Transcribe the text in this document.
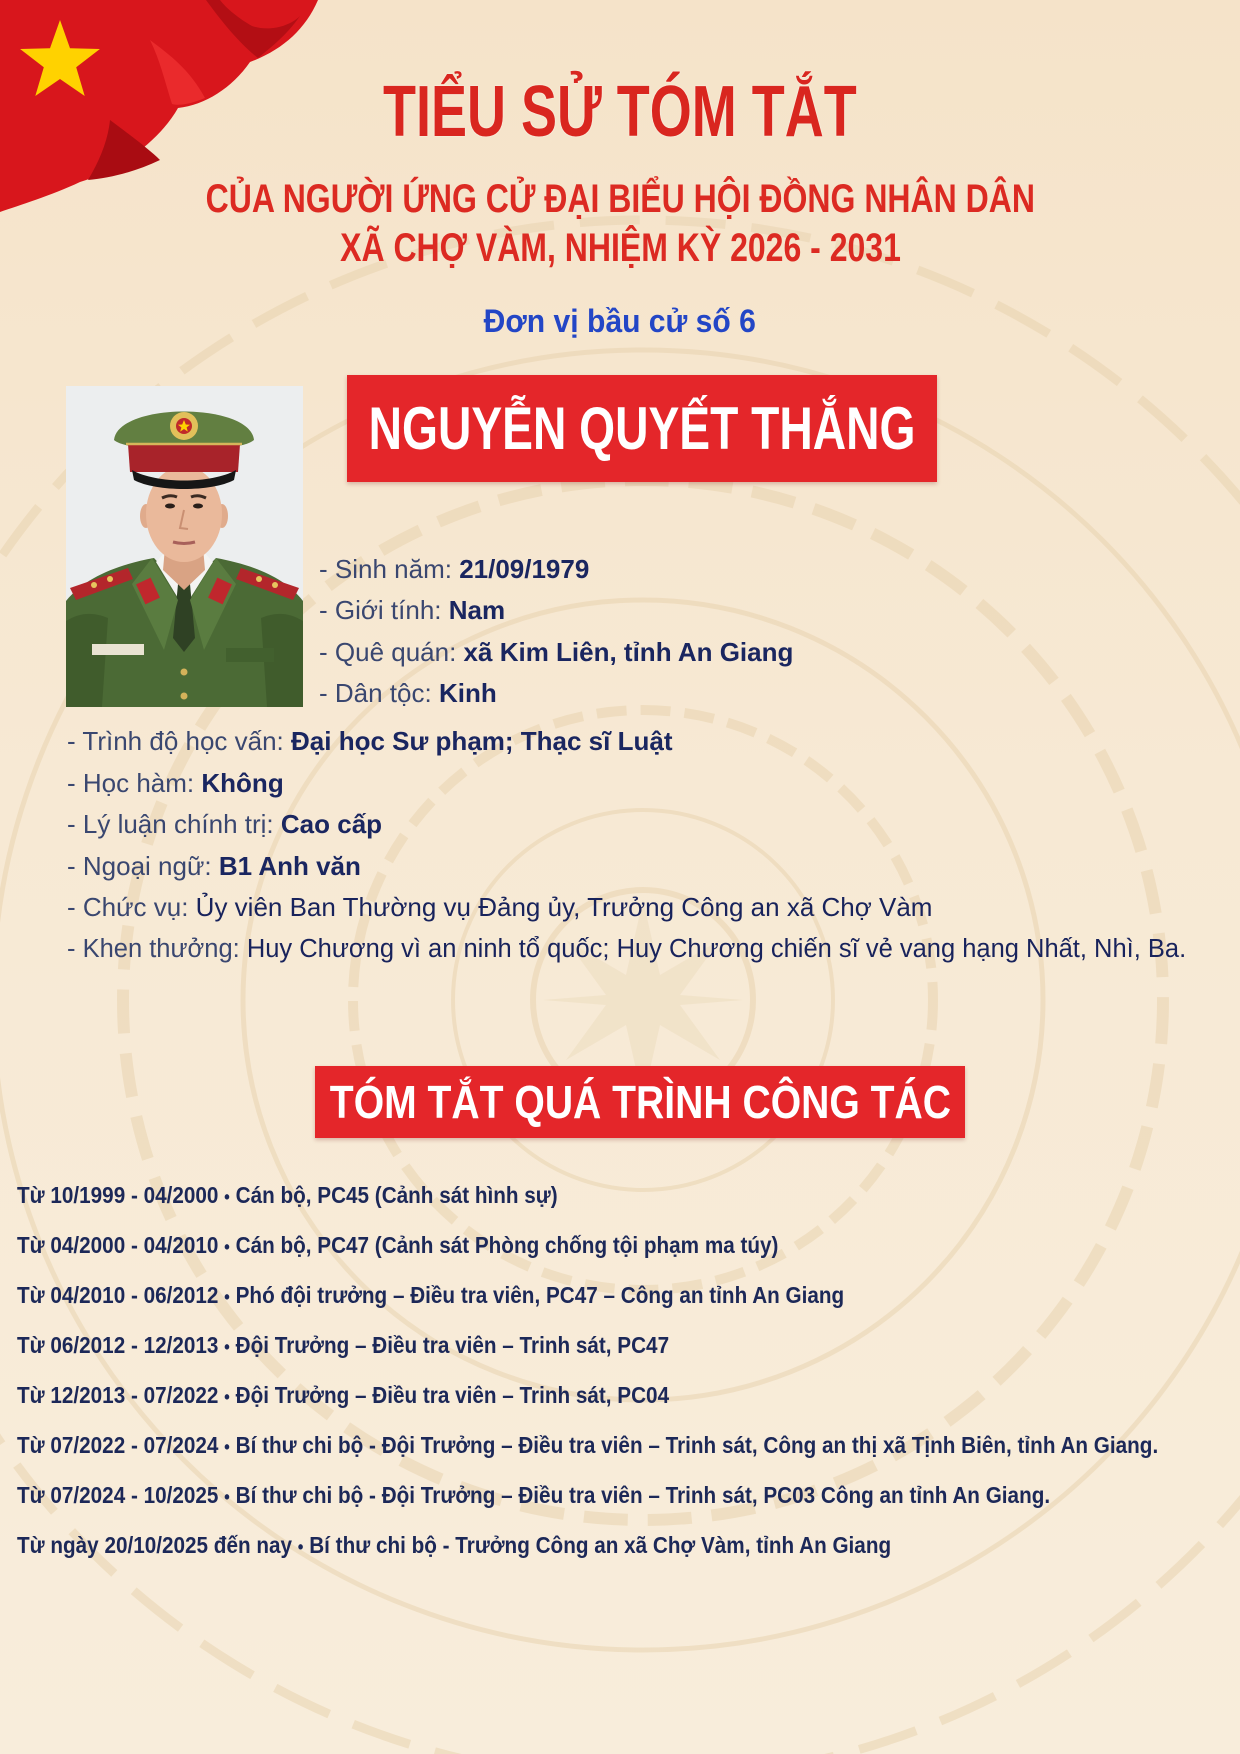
TIỂU SỬ TÓM TẮT
CỦA NGƯỜI ỨNG CỬ ĐẠI BIỂU HỘI ĐỒNG NHÂN DÂN
XÃ CHỢ VÀM, NHIỆM KỲ 2026 - 2031
Đơn vị bầu cử số 6
NGUYỄN QUYẾT THẮNG
- Sinh năm: 21/09/1979
- Giới tính: Nam
- Quê quán: xã Kim Liên, tỉnh An Giang
- Dân tộc: Kinh
- Trình độ học vấn: Đại học Sư phạm; Thạc sĩ Luật
- Học hàm: Không
- Lý luận chính trị: Cao cấp
- Ngoại ngữ: B1 Anh văn
- Chức vụ: Ủy viên Ban Thường vụ Đảng ủy, Trưởng Công an xã Chợ Vàm
- Khen thưởng: Huy Chương vì an ninh tổ quốc; Huy Chương chiến sĩ vẻ vang hạng Nhất, Nhì, Ba.
TÓM TẮT QUÁ TRÌNH CÔNG TÁC
Từ 10/1999 - 04/2000 • Cán bộ, PC45 (Cảnh sát hình sự)
Từ 04/2000 - 04/2010 • Cán bộ, PC47 (Cảnh sát Phòng chống tội phạm ma túy)
Từ 04/2010 - 06/2012 • Phó đội trưởng – Điều tra viên, PC47 – Công an tỉnh An Giang
Từ 06/2012 - 12/2013 • Đội Trưởng – Điều tra viên – Trinh sát, PC47
Từ 12/2013 - 07/2022 • Đội Trưởng – Điều tra viên – Trinh sát, PC04
Từ 07/2022 - 07/2024 • Bí thư chi bộ - Đội Trưởng – Điều tra viên – Trinh sát, Công an thị xã Tịnh Biên, tỉnh An Giang.
Từ 07/2024 - 10/2025 • Bí thư chi bộ - Đội Trưởng – Điều tra viên – Trinh sát, PC03 Công an tỉnh An Giang.
Từ ngày 20/10/2025 đến nay • Bí thư chi bộ - Trưởng Công an xã Chợ Vàm, tỉnh An Giang
